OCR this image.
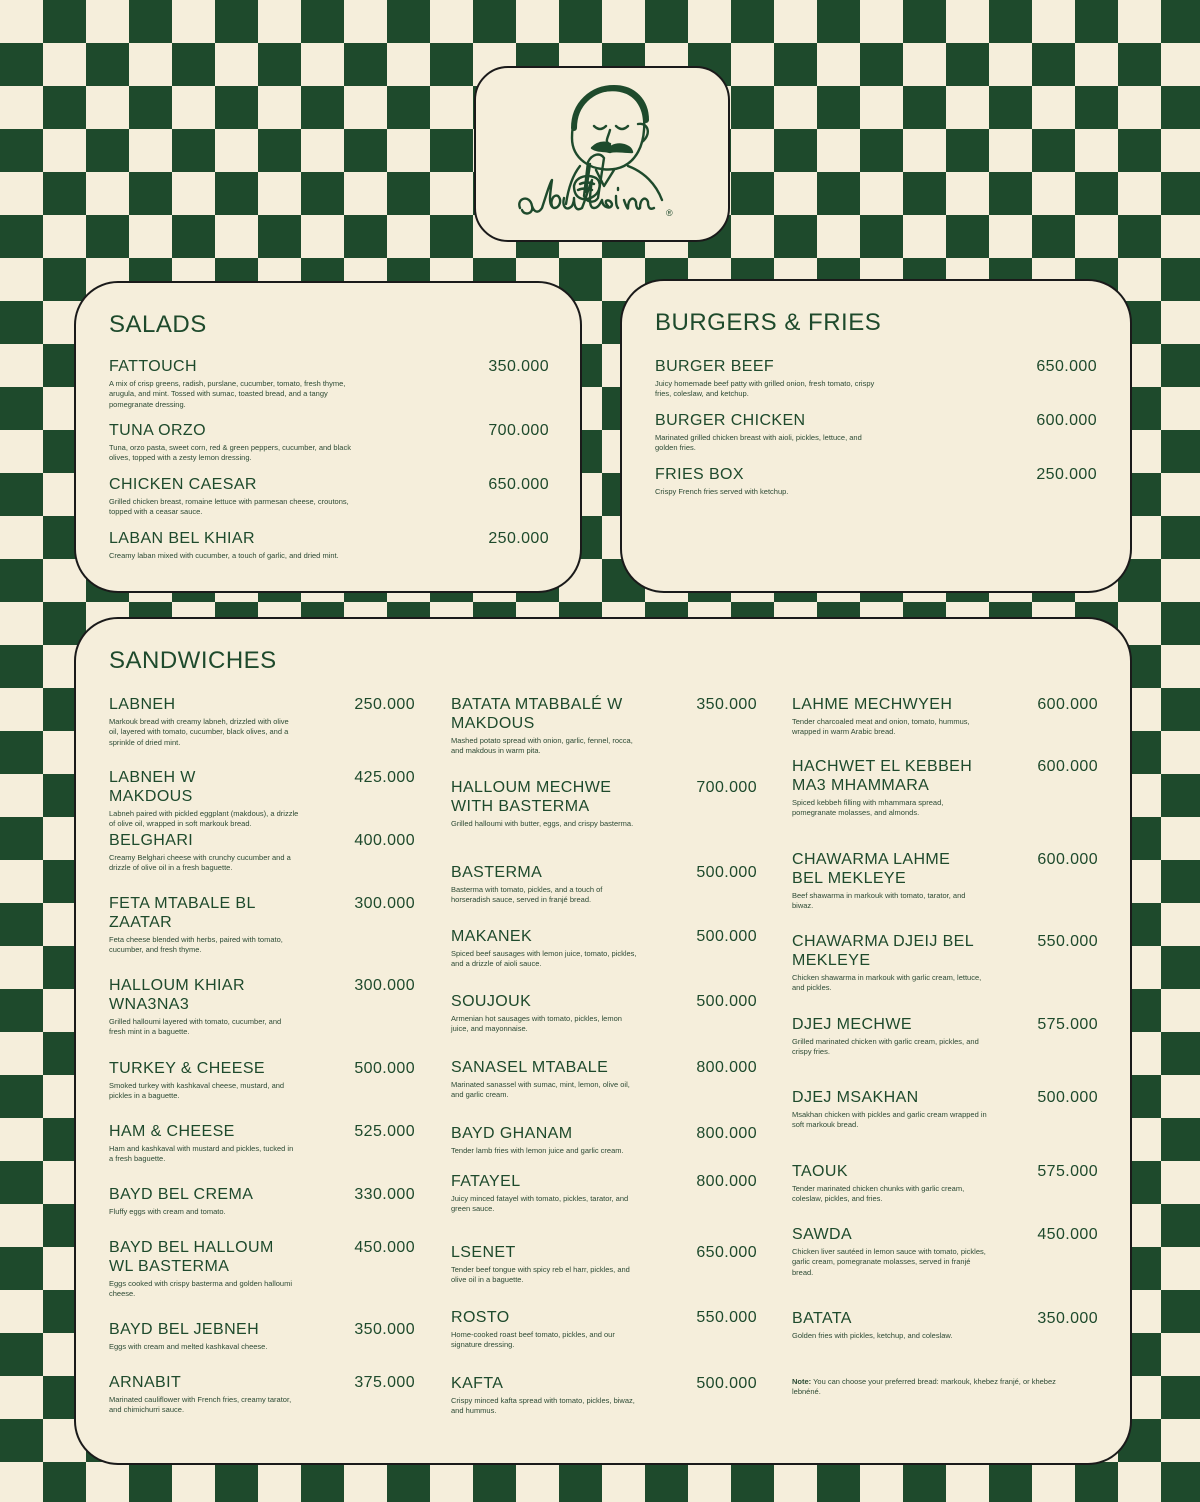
®
SALADS
FATTOUCH	350.000
A mix of crisp greens, radish, purslane, cucumber, tomato, fresh thyme, arugula, and mint. Tossed with sumac, toasted bread, and a tangy pomegranate dressing.
TUNA ORZO	700.000
Tuna, orzo pasta, sweet corn, red & green peppers, cucumber, and black olives, topped with a zesty lemon dressing.
CHICKEN CAESAR	650.000
Grilled chicken breast, romaine lettuce with parmesan cheese, croutons, topped with a ceasar sauce.
LABAN BEL KHIAR	250.000
Creamy laban mixed with cucumber, a touch of garlic, and dried mint.
BURGERS & FRIES
BURGER BEEF	650.000
Juicy homemade beef patty with grilled onion, fresh tomato, crispy fries, coleslaw, and ketchup.
BURGER CHICKEN	600.000
Marinated grilled chicken breast with aioli, pickles, lettuce, and golden fries.
FRIES BOX	250.000
Crispy French fries served with ketchup.
SANDWICHES
LABNEH	250.000
Markouk bread with creamy labneh, drizzled with olive oil, layered with tomato, cucumber, black olives, and a sprinkle of dried mint.
LABNEH W MAKDOUS
425.000
Labneh paired with pickled eggplant (makdous), a drizzle of olive oil, wrapped in soft markouk bread.
BELGHARI	400.000
Creamy Belghari cheese with crunchy cucumber and a drizzle of olive oil in a fresh baguette.
FETA MTABALE BL ZAATAR
300.000
Feta cheese blended with herbs, paired with tomato, cucumber, and fresh thyme.
HALLOUM KHIAR WNA3NA3
300.000
Grilled halloumi layered with tomato, cucumber, and fresh mint in a baguette.
TURKEY & CHEESE	500.000
Smoked turkey with kashkaval cheese, mustard, and pickles in a baguette.
HAM & CHEESE	525.000
Ham and kashkaval with mustard and pickles, tucked in a fresh baguette.
BAYD BEL CREMA	330.000
Fluffy eggs with cream and tomato.
BAYD BEL HALLOUM WL BASTERMA
450.000
Eggs cooked with crispy basterma and golden halloumi cheese.
BAYD BEL JEBNEH	350.000
Eggs with cream and melted kashkaval cheese.
ARNABIT	375.000
Marinated cauliflower with French fries, creamy tarator, and chimichurri sauce.
BATATA MTABBALÉ W MAKDOUS
350.000
Mashed potato spread with onion, garlic, fennel, rocca, and makdous in warm pita.
HALLOUM MECHWE WITH BASTERMA
700.000
Grilled halloumi with butter, eggs, and crispy basterma.
BASTERMA	500.000
Basterma with tomato, pickles, and a touch of horseradish sauce, served in franjé bread.
MAKANEK	500.000
Spiced beef sausages with lemon juice, tomato, pickles, and a drizzle of aioli sauce.
SOUJOUK	500.000
Armenian hot sausages with tomato, pickles, lemon juice, and mayonnaise.
SANASEL MTABALE	800.000
Marinated sanassel with sumac, mint, lemon, olive oil, and garlic cream.
BAYD GHANAM	800.000
Tender lamb fries with lemon juice and garlic cream.
FATAYEL	800.000
Juicy minced fatayel with tomato, pickles, tarator, and green sauce.
LSENET	650.000
Tender beef tongue with spicy reb el harr, pickles, and olive oil in a baguette.
ROSTO	550.000
Home-cooked roast beef tomato, pickles, and our signature dressing.
KAFTA	500.000
Crispy minced kafta spread with tomato, pickles, biwaz, and hummus.
LAHME MECHWYEH	600.000
Tender charcoaled meat and onion, tomato, hummus, wrapped in warm Arabic bread.
HACHWET EL KEBBEH MA3 MHAMMARA
600.000
Spiced kebbeh filling with mhammara spread, pomegranate molasses, and almonds.
CHAWARMA LAHME BEL MEKLEYE
600.000
Beef shawarma in markouk with tomato, tarator, and biwaz.
CHAWARMA DJEIJ BEL MEKLEYE
550.000
Chicken shawarma in markouk with garlic cream, lettuce, and pickles.
DJEJ MECHWE	575.000
Grilled marinated chicken with garlic cream, pickles, and crispy fries.
DJEJ MSAKHAN	500.000
Msakhan chicken with pickles and garlic cream wrapped in soft markouk bread.
TAOUK	575.000
Tender marinated chicken chunks with garlic cream, coleslaw, pickles, and fries.
SAWDA	450.000
Chicken liver sautéed in lemon sauce with tomato, pickles, garlic cream, pomegranate molasses, served in franjé bread.
BATATA	350.000
Golden fries with pickles, ketchup, and coleslaw.
Note: You can choose your preferred bread: markouk, khebez franjé, or khebez lebnéné.
